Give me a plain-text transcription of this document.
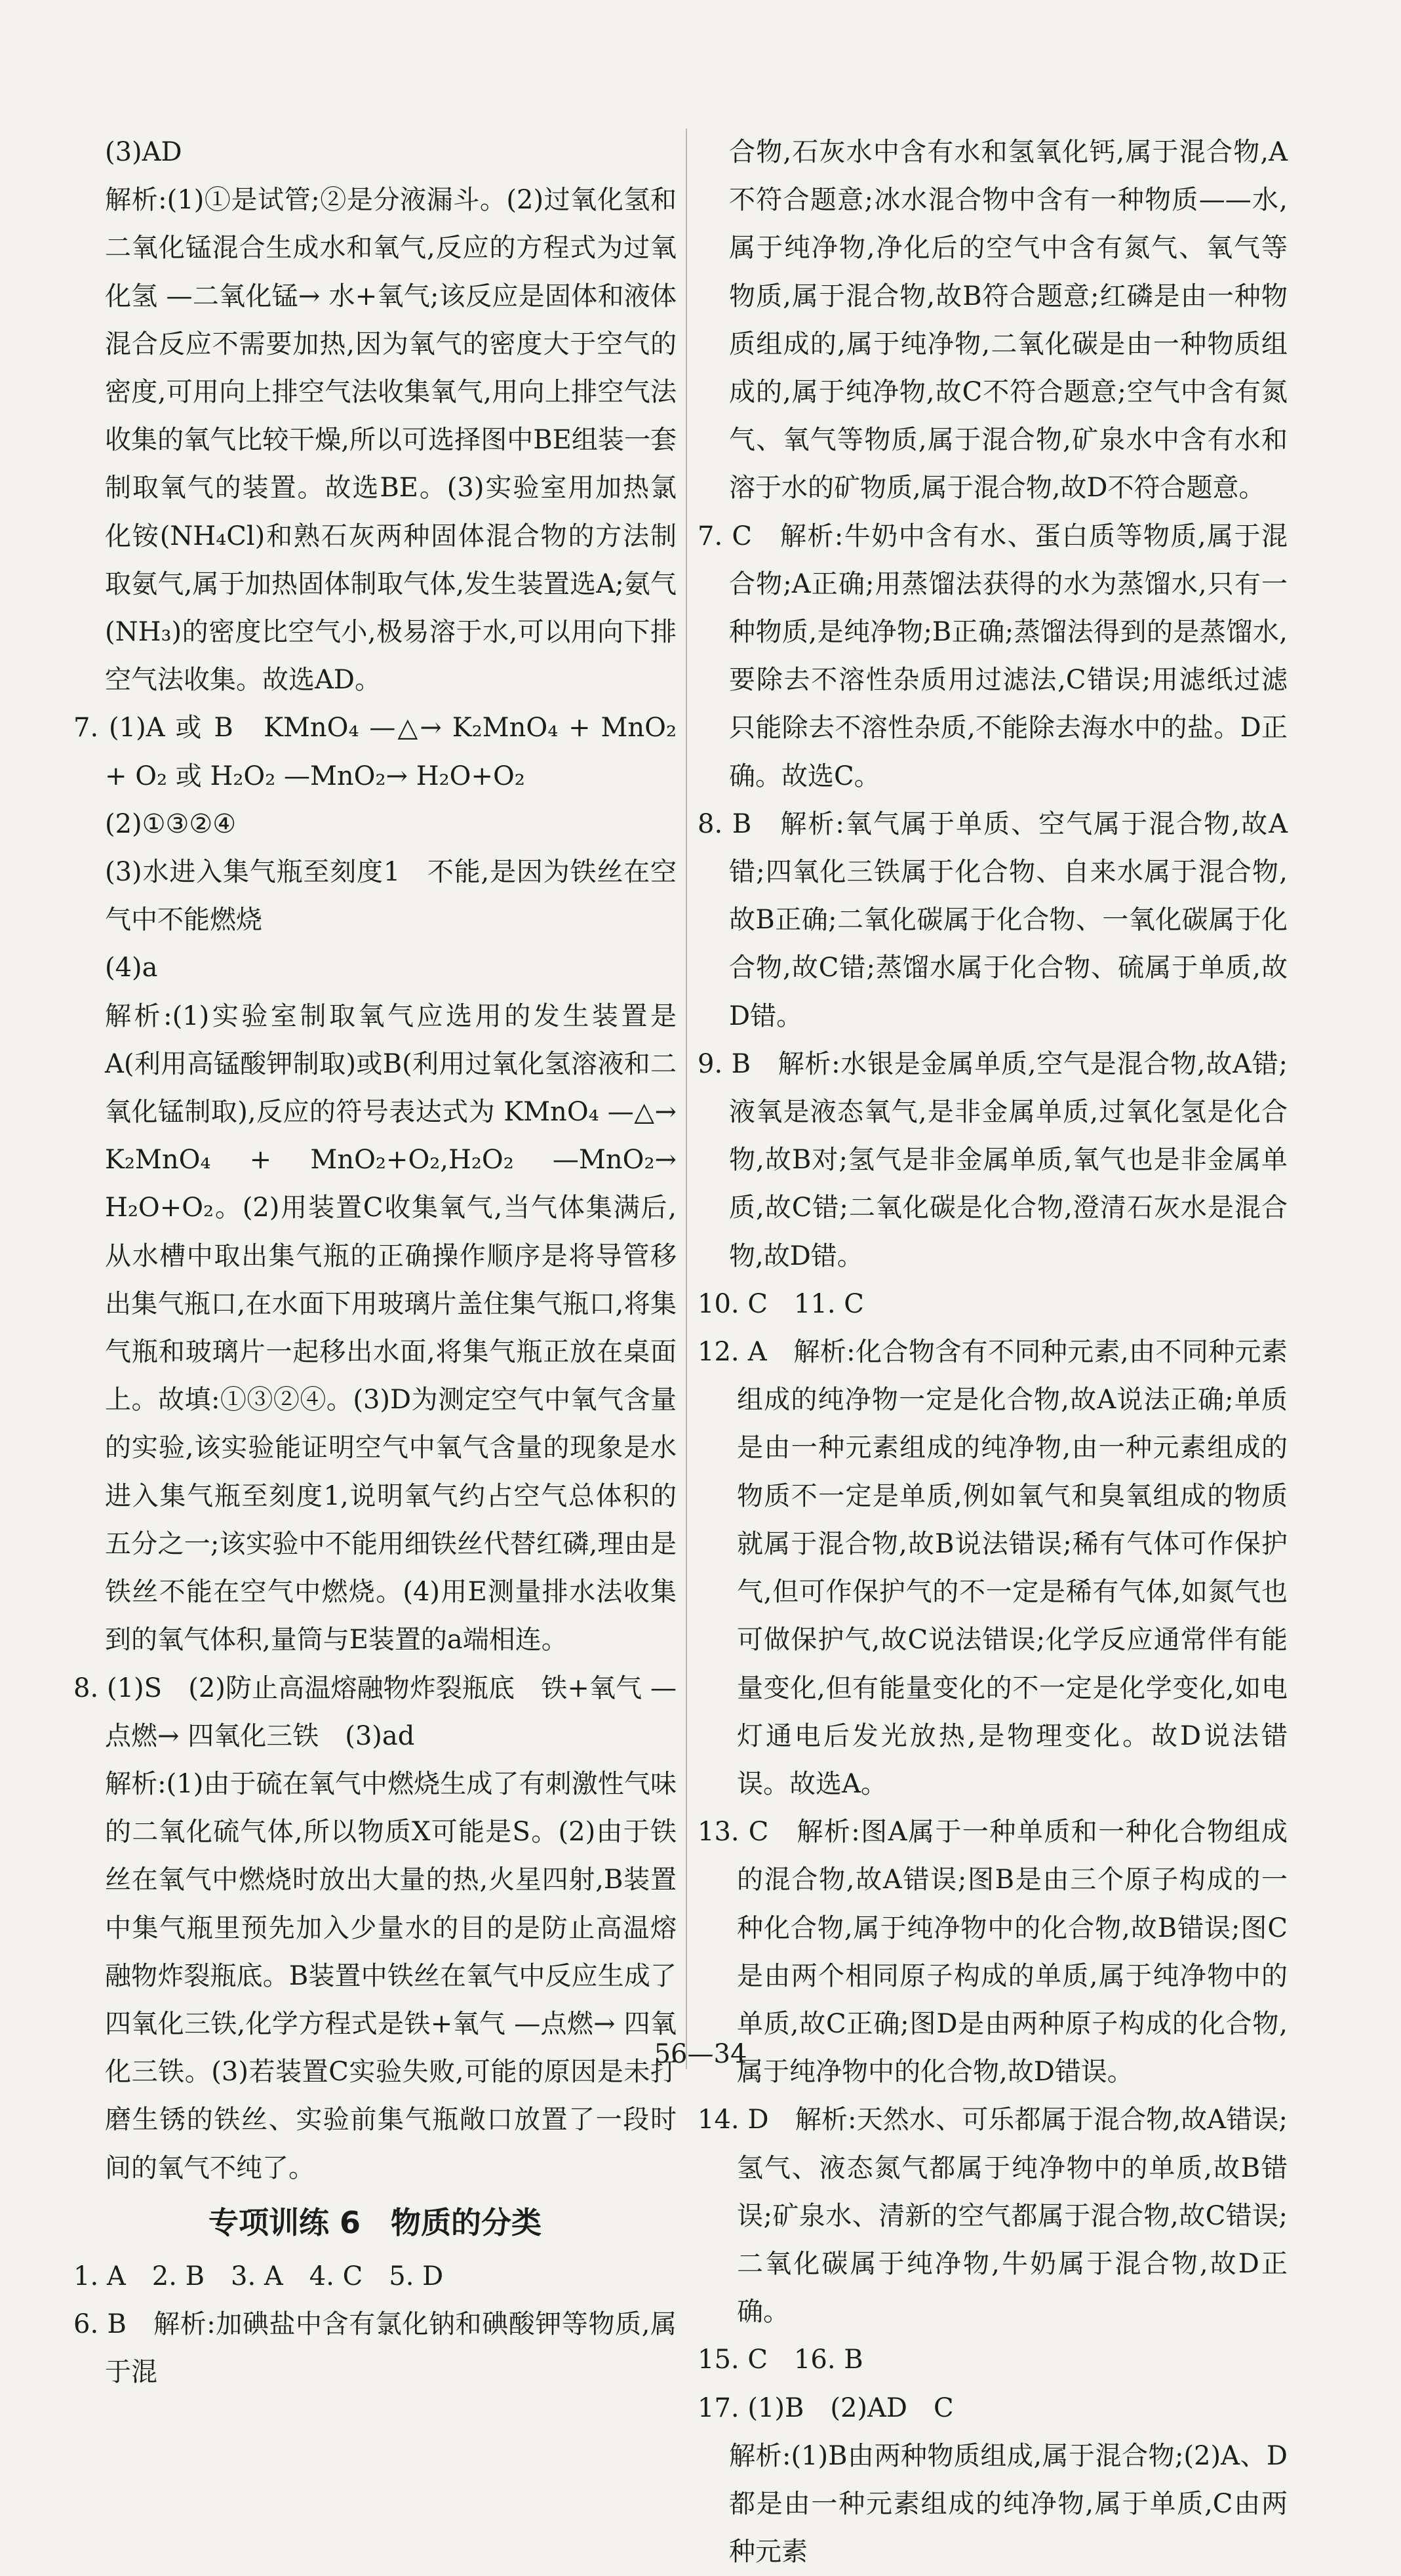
(3)AD

解析:(1)①是试管;②是分液漏斗。(2)过氧化氢和二氧化锰混合生成水和氧气,反应的方程式为过氧化氢 —二氧化锰→ 水+氧气;该反应是固体和液体混合反应不需要加热,因为氧气的密度大于空气的密度,可用向上排空气法收集氧气,用向上排空气法收集的氧气比较干燥,所以可选择图中BE组装一套制取氧气的装置。故选BE。(3)实验室用加热氯化铵(NH₄Cl)和熟石灰两种固体混合物的方法制取氨气,属于加热固体制取气体,发生装置选A;氨气(NH₃)的密度比空气小,极易溶于水,可以用向下排空气法收集。故选AD。

7. (1)A 或 B　KMnO₄ —△→ K₂MnO₄ + MnO₂ + O₂ 或 H₂O₂ —MnO₂→ H₂O+O₂

(2)①③②④

(3)水进入集气瓶至刻度1　不能,是因为铁丝在空气中不能燃烧

(4)a

解析:(1)实验室制取氧气应选用的发生装置是A(利用高锰酸钾制取)或B(利用过氧化氢溶液和二氧化锰制取),反应的符号表达式为 KMnO₄ —△→ K₂MnO₄ + MnO₂+O₂,H₂O₂ —MnO₂→ H₂O+O₂。(2)用装置C收集氧气,当气体集满后,从水槽中取出集气瓶的正确操作顺序是将导管移出集气瓶口,在水面下用玻璃片盖住集气瓶口,将集气瓶和玻璃片一起移出水面,将集气瓶正放在桌面上。故填:①③②④。(3)D为测定空气中氧气含量的实验,该实验能证明空气中氧气含量的现象是水进入集气瓶至刻度1,说明氧气约占空气总体积的五分之一;该实验中不能用细铁丝代替红磷,理由是铁丝不能在空气中燃烧。(4)用E测量排水法收集到的氧气体积,量筒与E装置的a端相连。

8. (1)S　(2)防止高温熔融物炸裂瓶底　铁+氧气 —点燃→ 四氧化三铁　(3)ad

解析:(1)由于硫在氧气中燃烧生成了有刺激性气味的二氧化硫气体,所以物质X可能是S。(2)由于铁丝在氧气中燃烧时放出大量的热,火星四射,B装置中集气瓶里预先加入少量水的目的是防止高温熔融物炸裂瓶底。B装置中铁丝在氧气中反应生成了四氧化三铁,化学方程式是铁+氧气 —点燃→ 四氧化三铁。(3)若装置C实验失败,可能的原因是未打磨生锈的铁丝、实验前集气瓶敞口放置了一段时间的氧气不纯了。

专项训练 6　物质的分类

1. A　2. B　3. A　4. C　5. D

6. B　解析:加碘盐中含有氯化钠和碘酸钾等物质,属于混

合物,石灰水中含有水和氢氧化钙,属于混合物,A不符合题意;冰水混合物中含有一种物质——水,属于纯净物,净化后的空气中含有氮气、氧气等物质,属于混合物,故B符合题意;红磷是由一种物质组成的,属于纯净物,二氧化碳是由一种物质组成的,属于纯净物,故C不符合题意;空气中含有氮气、氧气等物质,属于混合物,矿泉水中含有水和溶于水的矿物质,属于混合物,故D不符合题意。

7. C　解析:牛奶中含有水、蛋白质等物质,属于混合物;A正确;用蒸馏法获得的水为蒸馏水,只有一种物质,是纯净物;B正确;蒸馏法得到的是蒸馏水,要除去不溶性杂质用过滤法,C错误;用滤纸过滤只能除去不溶性杂质,不能除去海水中的盐。D正确。故选C。

8. B　解析:氧气属于单质、空气属于混合物,故A错;四氧化三铁属于化合物、自来水属于混合物,故B正确;二氧化碳属于化合物、一氧化碳属于化合物,故C错;蒸馏水属于化合物、硫属于单质,故D错。

9. B　解析:水银是金属单质,空气是混合物,故A错;液氧是液态氧气,是非金属单质,过氧化氢是化合物,故B对;氢气是非金属单质,氧气也是非金属单质,故C错;二氧化碳是化合物,澄清石灰水是混合物,故D错。

10. C　11. C

12. A　解析:化合物含有不同种元素,由不同种元素组成的纯净物一定是化合物,故A说法正确;单质是由一种元素组成的纯净物,由一种元素组成的物质不一定是单质,例如氧气和臭氧组成的物质就属于混合物,故B说法错误;稀有气体可作保护气,但可作保护气的不一定是稀有气体,如氮气也可做保护气,故C说法错误;化学反应通常伴有能量变化,但有能量变化的不一定是化学变化,如电灯通电后发光放热,是物理变化。故D说法错误。故选A。

13. C　解析:图A属于一种单质和一种化合物组成的混合物,故A错误;图B是由三个原子构成的一种化合物,属于纯净物中的化合物,故B错误;图C是由两个相同原子构成的单质,属于纯净物中的单质,故C正确;图D是由两种原子构成的化合物,属于纯净物中的化合物,故D错误。

14. D　解析:天然水、可乐都属于混合物,故A错误;氢气、液态氮气都属于纯净物中的单质,故B错误;矿泉水、清新的空气都属于混合物,故C错误;二氧化碳属于纯净物,牛奶属于混合物,故D正确。

15. C　16. B

17. (1)B　(2)AD　C

解析:(1)B由两种物质组成,属于混合物;(2)A、D都是由一种元素组成的纯净物,属于单质,C由两种元素

56—34
